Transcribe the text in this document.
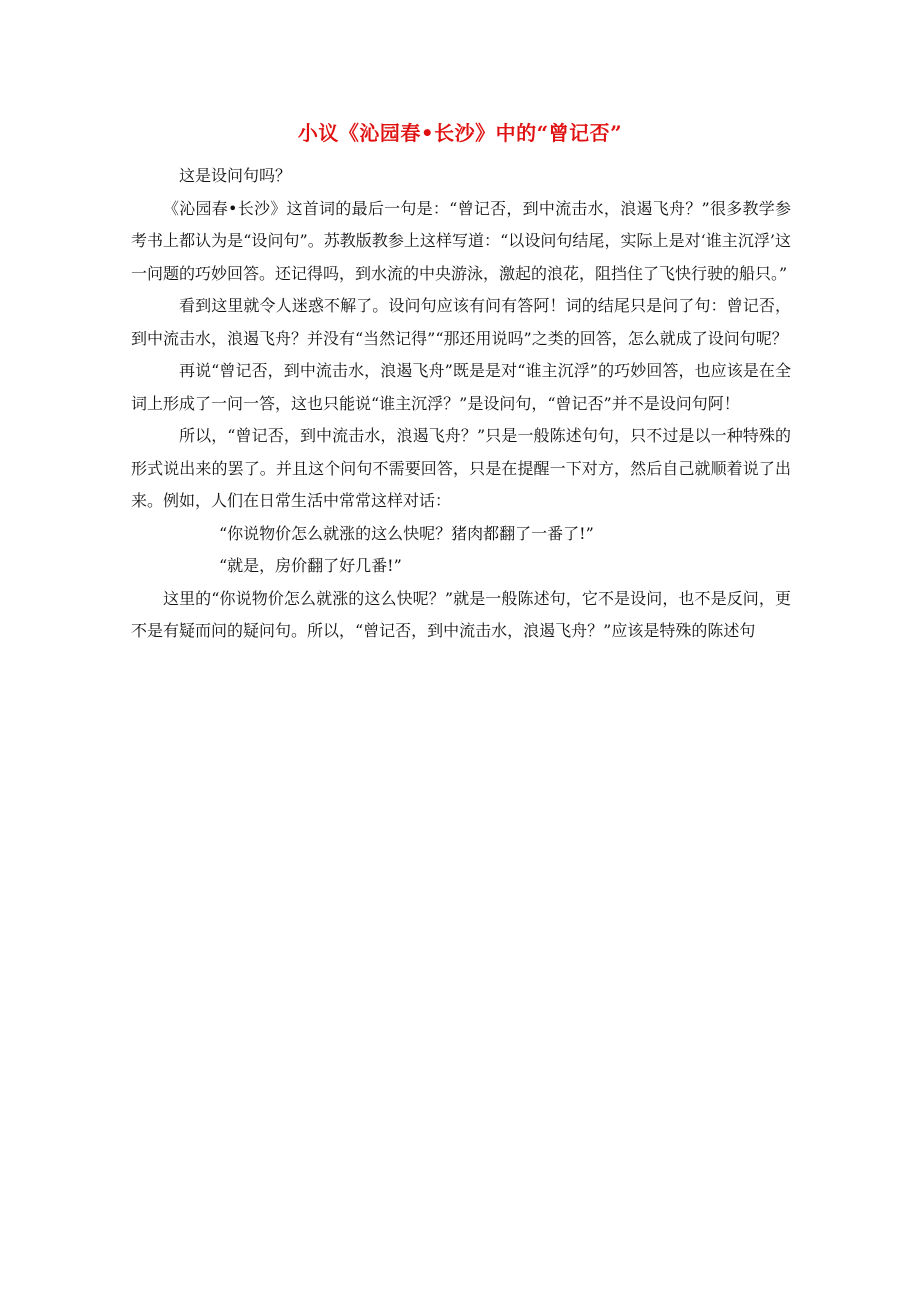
小议《沁园春•长沙》中的“曾记否”

这是设问句吗？

《沁园春•长沙》这首词的最后一句是：“曾记否，到中流击水，浪遏飞舟？”很多教学参考书上都认为是“设问句”。苏教版教参上这样写道：“以设问句结尾，实际上是对‘谁主沉浮’这一问题的巧妙回答。还记得吗，到水流的中央游泳，激起的浪花，阻挡住了飞快行驶的船只。”

看到这里就令人迷惑不解了。设问句应该有问有答阿！词的结尾只是问了句：曾记否，到中流击水，浪遏飞舟？并没有“当然记得”“那还用说吗”之类的回答，怎么就成了设问句呢？

再说“曾记否，到中流击水，浪遏飞舟”既是是对“谁主沉浮”的巧妙回答，也应该是在全词上形成了一问一答，这也只能说“谁主沉浮？”是设问句，“曾记否”并不是设问句阿！

所以，“曾记否，到中流击水，浪遏飞舟？”只是一般陈述句句，只不过是以一种特殊的形式说出来的罢了。并且这个问句不需要回答，只是在提醒一下对方，然后自己就顺着说了出来。例如，人们在日常生活中常常这样对话：

“你说物价怎么就涨的这么快呢？猪肉都翻了一番了!”

“就是，房价翻了好几番!”

这里的“你说物价怎么就涨的这么快呢？”就是一般陈述句，它不是设问，也不是反问，更不是有疑而问的疑问句。所以，“曾记否，到中流击水，浪遏飞舟？”应该是特殊的陈述句
